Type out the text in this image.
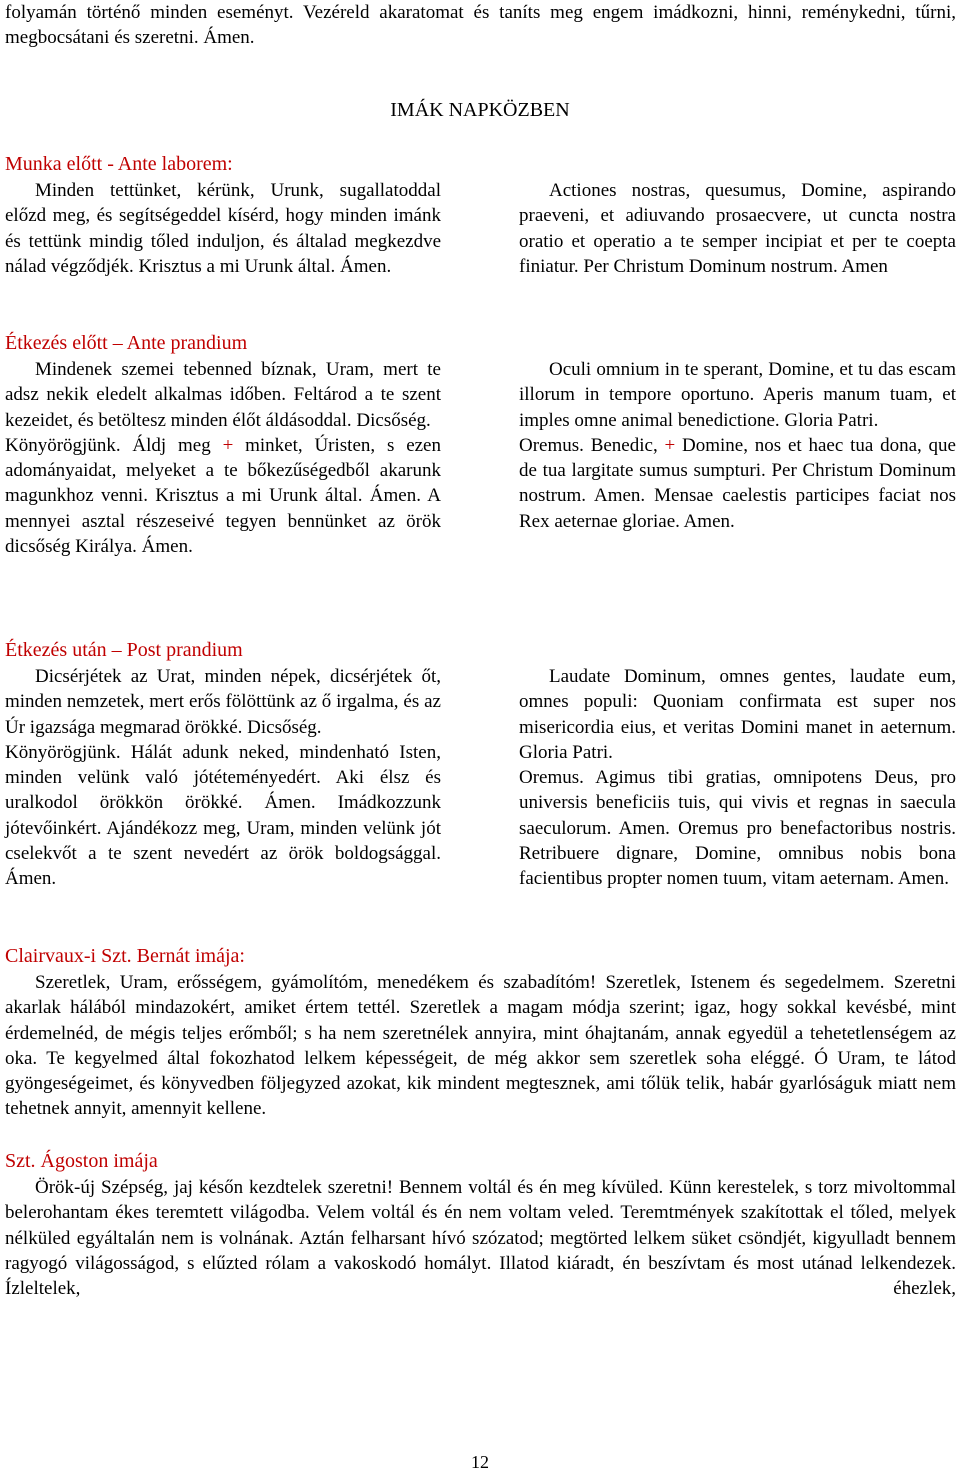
folyamán történő minden eseményt. Vezéreld akaratomat és taníts meg engem imádkozni, hinni, reménykedni, tűrni, megbocsátani és szeretni. Ámen.

IMÁK NAPKÖZBEN
Munka előtt - Ante laborem:

Minden tettünket, kérünk, Urunk, sugallatoddal előzd meg, és segítségeddel kísérd, hogy minden imánk és tettünk mindig tőled induljon, és általad megkezdve nálad végződjék. Krisztus a mi Urunk által. Ámen.

Actiones nostras, quesumus, Domine, aspirando praeveni, et adiuvando prosaecvere, ut cuncta nostra oratio et operatio a te semper incipiat et per te coepta finiatur. Per Christum Dominum nostrum. Amen

Étkezés előtt – Ante prandium

Mindenek szemei tebenned bíznak, Uram, mert te adsz nekik eledelt alkalmas időben. Feltárod a te szent kezeidet, és betöltesz minden élőt áldásoddal. Dicsőség.

Könyörögjünk. Áldj meg + minket, Úristen, s ezen adományaidat, melyeket a te bőkezűségedből akarunk magunkhoz venni. Krisztus a mi Urunk által. Ámen. A mennyei asztal részeseivé tegyen bennünket az örök dicsőség Királya. Ámen.

Oculi omnium in te sperant, Domine, et tu das escam illorum in tempore oportuno. Aperis manum tuam, et imples omne animal benedictione. Gloria Patri.

Oremus. Benedic, + Domine, nos et haec tua dona, que de tua largitate sumus sumpturi. Per Christum Dominum nostrum. Amen. Mensae caelestis participes faciat nos Rex aeternae gloriae. Amen.

Étkezés után – Post prandium

Dicsérjétek az Urat, minden népek, dicsérjétek őt, minden nemzetek, mert erős fölöttünk az ő irgalma, és az Úr igazsága megmarad örökké. Dicsőség.

Könyörögjünk. Hálát adunk neked, mindenható Isten, minden velünk való jótéteményedért. Aki élsz és uralkodol örökkön örökké. Ámen. Imádkozzunk jótevőinkért. Ajándékozz meg, Uram, minden velünk jót cselekvőt a te szent nevedért az örök boldogsággal. Ámen.

Laudate Dominum, omnes gentes, laudate eum, omnes populi: Quoniam confirmata est super nos misericordia eius, et veritas Domini manet in aeternum. Gloria Patri.

Oremus. Agimus tibi gratias, omnipotens Deus, pro universis beneficiis tuis, qui vivis et regnas in saecula saeculorum. Amen. Oremus pro benefactoribus nostris. Retribuere dignare, Domine, omnibus nobis bona facientibus propter nomen tuum, vitam aeternam. Amen.

Clairvaux-i Szt. Bernát imája:

Szeretlek, Uram, erősségem, gyámolítóm, menedékem és szabadítóm! Szeretlek, Istenem és segedelmem. Szeretni akarlak hálából mindazokért, amiket értem tettél. Szeretlek a magam módja szerint; igaz, hogy sokkal kevésbé, mint érdemelnéd, de mégis teljes erőmből; s ha nem szeretnélek annyira, mint óhajtanám, annak egyedül a tehetetlenségem az oka. Te kegyelmed által fokozhatod lelkem képességeit, de még akkor sem szeretlek soha eléggé. Ó Uram, te látod gyöngeségeimet, és könyvedben följegyzed azokat, kik mindent megtesznek, ami tőlük telik, habár gyarlóságuk miatt nem tehetnek annyit, amennyit kellene.

Szt. Ágoston imája

Örök-új Szépség, jaj későn kezdtelek szeretni! Bennem voltál és én meg kívüled. Künn kerestelek, s torz mivoltommal belerohantam ékes teremtett világodba. Velem voltál és én nem voltam veled. Teremtmények szakítottak el tőled, melyek nélküled egyáltalán nem is volnának. Aztán felharsant hívó szózatod; megtörted lelkem süket csöndjét, kigyulladt bennem ragyogó világosságod, s elűzted rólam a vakoskodó homályt. Illatod kiáradt, én beszívtam és most utánad lelkendezek. Ízleltelek, éhezlek,

12
